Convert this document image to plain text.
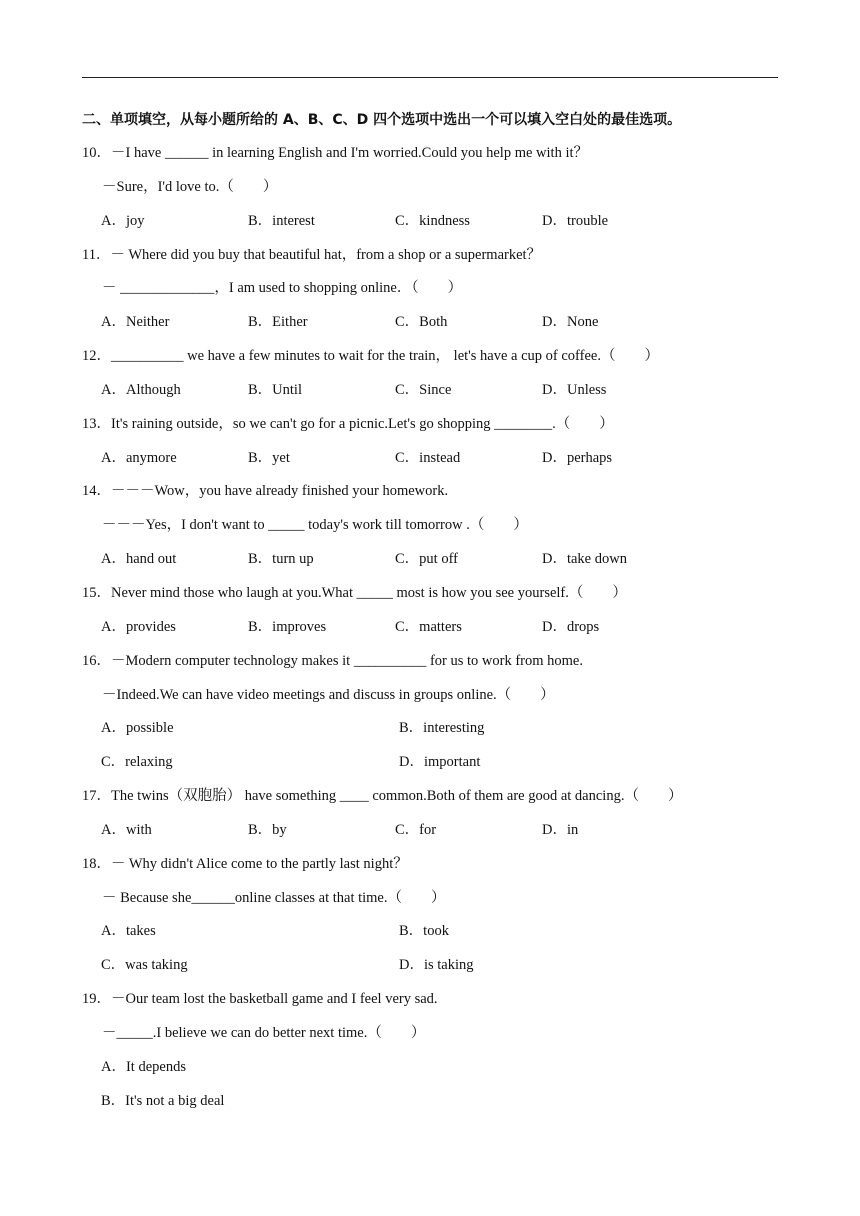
二、单项填空，从每小题所给的 A、B、C、D 四个选项中选出一个可以填入空白处的最佳选项。
10．－I have ______ in learning English and I'm worried.Could you help me with it？
－Sure，I'd love to.（　　）
A．joy	B．interest	C．kindness	D．trouble
11．－ Where did you buy that beautiful hat，from a shop or a supermarket？
－ _____________，I am used to shopping online．（　　）
A．Neither	B．Either	C．Both	D．None
12．__________ we have a few minutes to wait for the train， let's have a cup of coffee.（　　）
A．Although	B．Until	C．Since	D．Unless
13．It's raining outside，so we can't go for a picnic.Let's go shopping ________.（　　）
A．anymore	B．yet	C．instead	D．perhaps
14．－－－Wow，you have already finished your homework.
－－－Yes，I don't want to _____ today's work till tomorrow .（　　）
A．hand out	B．turn up	C．put off	D．take down
15．Never mind those who laugh at you.What _____ most is how you see yourself.（　　）
A．provides	B．improves	C．matters	D．drops
16．－Modern computer technology makes it __________ for us to work from home.
－Indeed.We can have video meetings and discuss in groups online.（　　）
A．possible	B．interesting
C．relaxing	D．important
17．The twins（双胞胎） have something ____ common.Both of them are good at dancing.（　　）
A．with	B．by	C．for	D．in
18．－ Why didn't Alice come to the partly last night？
－ Because she______online classes at that time.（　　）
A．takes	B．took
C．was taking	D．is taking
19．－Our team lost the basketball game and I feel very sad.
－_____.I believe we can do better next time.（　　）
A．It depends
B．It's not a big deal
